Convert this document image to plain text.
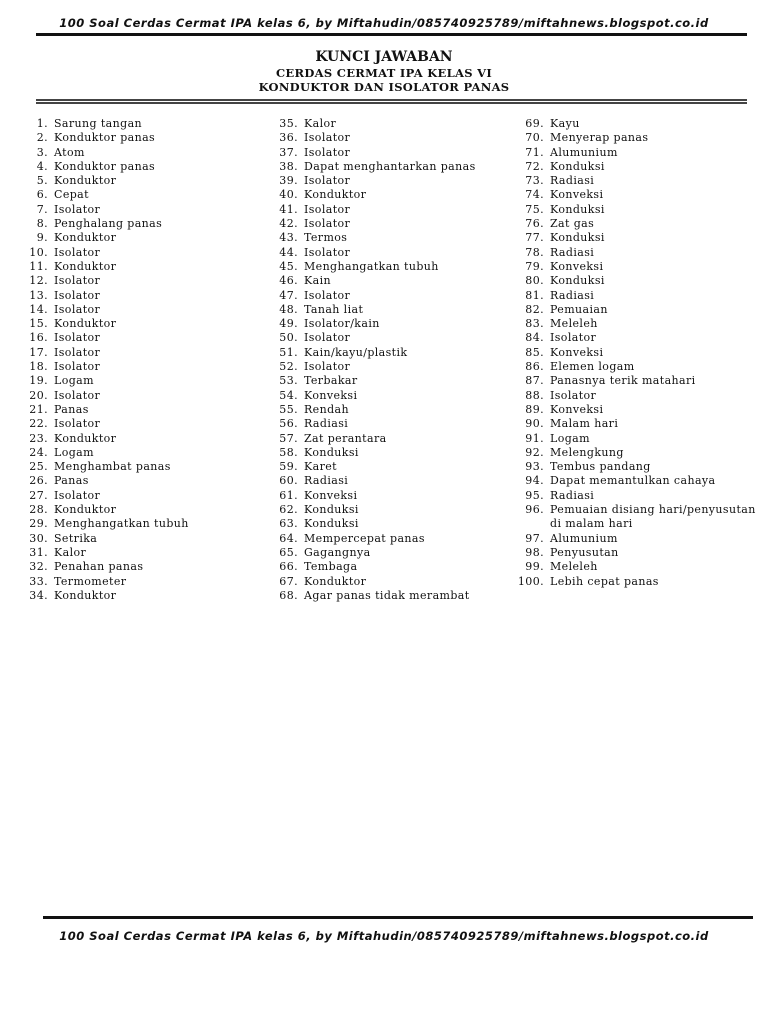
100 Soal Cerdas Cermat IPA kelas 6, by Miftahudin/085740925789/miftahnews.blogspot.co.id
KUNCI JAWABAN
CERDAS CERMAT IPA KELAS VI
KONDUKTOR DAN ISOLATOR PANAS
1. Sarung tangan
2. Konduktor panas
3. Atom
4. Konduktor panas
5. Konduktor
6. Cepat
7. Isolator
8. Penghalang panas
9. Konduktor
10. Isolator
11. Konduktor
12. Isolator
13. Isolator
14. Isolator
15. Konduktor
16. Isolator
17. Isolator
18. Isolator
19. Logam
20. Isolator
21. Panas
22. Isolator
23. Konduktor
24. Logam
25. Menghambat panas
26. Panas
27. Isolator
28. Konduktor
29. Menghangatkan tubuh
30. Setrika
31. Kalor
32. Penahan panas
33. Termometer
34. Konduktor
35. Kalor
36. Isolator
37. Isolator
38. Dapat menghantarkan panas
39. Isolator
40. Konduktor
41. Isolator
42. Isolator
43. Termos
44. Isolator
45. Menghangatkan tubuh
46. Kain
47. Isolator
48. Tanah liat
49. Isolator/kain
50. Isolator
51. Kain/kayu/plastik
52. Isolator
53. Terbakar
54. Konveksi
55. Rendah
56. Radiasi
57. Zat perantara
58. Konduksi
59. Karet
60. Radiasi
61. Konveksi
62. Konduksi
63. Konduksi
64. Mempercepat panas
65. Gagangnya
66. Tembaga
67. Konduktor
68. Agar panas tidak merambat
69. Kayu
70. Menyerap panas
71. Alumunium
72. Konduksi
73. Radiasi
74. Konveksi
75. Konduksi
76. Zat gas
77. Konduksi
78. Radiasi
79. Konveksi
80. Konduksi
81. Radiasi
82. Pemuaian
83. Meleleh
84. Isolator
85. Konveksi
86. Elemen logam
87. Panasnya terik matahari
88. Isolator
89. Konveksi
90. Malam hari
91. Logam
92. Melengkung
93. Tembus pandang
94. Dapat memantulkan cahaya
95. Radiasi
96. Pemuaian disiang hari/penyusutan di malam hari
97. Alumunium
98. Penyusutan
99. Meleleh
100. Lebih cepat panas
100 Soal Cerdas Cermat IPA kelas 6, by Miftahudin/085740925789/miftahnews.blogspot.co.id
